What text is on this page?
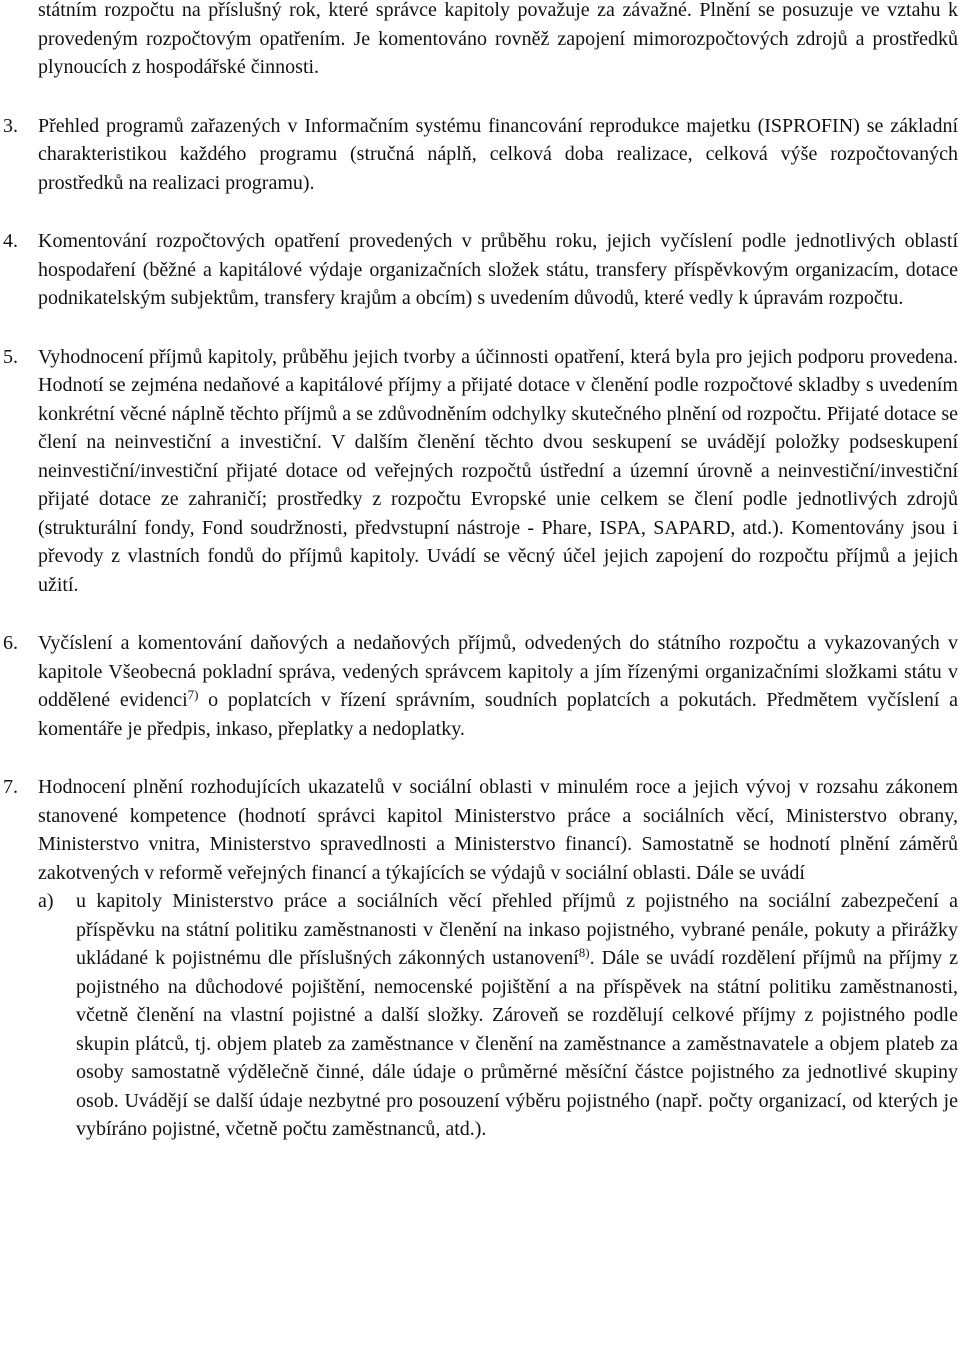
státním rozpočtu na příslušný rok, které správce kapitoly považuje za závažné. Plnění se posuzuje ve vztahu k provedeným rozpočtovým opatřením. Je komentováno rovněž zapojení mimorozpočtových zdrojů a prostředků plynoucích z hospodářské činnosti.

3. Přehled programů zařazených v Informačním systému financování reprodukce majetku (ISPROFIN) se základní charakteristikou každého programu (stručná náplň, celková doba realizace, celková výše rozpočtovaných prostředků na realizaci programu).
4. Komentování rozpočtových opatření provedených v průběhu roku, jejich vyčíslení podle jednotlivých oblastí hospodaření (běžné a kapitálové výdaje organizačních složek státu, transfery příspěvkovým organizacím, dotace podnikatelským subjektům, transfery krajům a obcím) s uvedením důvodů, které vedly k úpravám rozpočtu.
5. Vyhodnocení příjmů kapitoly, průběhu jejich tvorby a účinnosti opatření, která byla pro jejich podporu provedena. Hodnotí se zejména nedaňové a kapitálové příjmy a přijaté dotace v členění podle rozpočtové skladby s uvedením konkrétní věcné náplně těchto příjmů a se zdůvodněním odchylky skutečného plnění od rozpočtu. Přijaté dotace se člení na neinvestiční a investiční. V dalším členění těchto dvou seskupení se uvádějí položky podseskupení neinvestiční/investiční přijaté dotace od veřejných rozpočtů ústřední a územní úrovně a neinvestiční/investiční přijaté dotace ze zahraničí; prostředky z rozpočtu Evropské unie celkem se člení podle jednotlivých zdrojů (strukturální fondy, Fond soudržnosti, předvstupní nástroje - Phare, ISPA, SAPARD, atd.). Komentovány jsou i převody z vlastních fondů do příjmů kapitoly. Uvádí se věcný účel jejich zapojení do rozpočtu příjmů a jejich užití.
6. Vyčíslení a komentování daňových a nedaňových příjmů, odvedených do státního rozpočtu a vykazovaných v kapitole Všeobecná pokladní správa, vedených správcem kapitoly a jím řízenými organizačními složkami státu v oddělené evidenci$^{7)}$ o poplatcích v řízení správním, soudních poplatcích a pokutách. Předmětem vyčíslení a komentáře je předpis, inkaso, přeplatky a nedoplatky.
7. Hodnocení plnění rozhodujících ukazatelů v sociální oblasti v minulém roce a jejich vývoj v rozsahu zákonem stanovené kompetence (hodnotí správci kapitol Ministerstvo práce a sociálních věcí, Ministerstvo obrany, Ministerstvo vnitra, Ministerstvo spravedlnosti a Ministerstvo financí). Samostatně se hodnotí plnění záměrů zakotvených v reformě veřejných financí a týkajících se výdajů v sociální oblasti. Dále se uvádí
a) u kapitoly Ministerstvo práce a sociálních věcí přehled příjmů z pojistného na sociální zabezpečení a příspěvku na státní politiku zaměstnanosti v členění na inkaso pojistného, vybrané penále, pokuty a přirážky ukládané k pojistnému dle příslušných zákonných ustanovení$^{8)}$. Dále se uvádí rozdělení příjmů na příjmy z pojistného na důchodové pojištění, nemocenské pojištění a na příspěvek na státní politiku zaměstnanosti, včetně členění na vlastní pojistné a další složky. Zároveň se rozdělují celkové příjmy z pojistného podle skupin plátců, tj. objem plateb za zaměstnance v členění na zaměstnance a zaměstnavatele a objem plateb za osoby samostatně výdělečně činné, dále údaje o průměrné měsíční částce pojistného za jednotlivé skupiny osob. Uvádějí se další údaje nezbytné pro posouzení výběru pojistného (např. počty organizací, od kterých je vybíráno pojistné, včetně počtu zaměstnanců, atd.).
